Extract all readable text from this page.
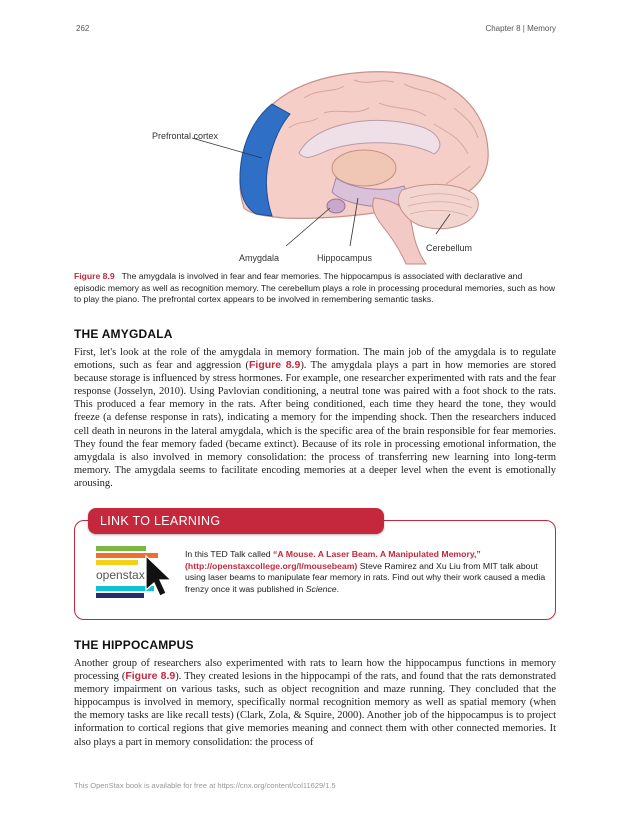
262	Chapter 8 | Memory
Prefrontal cortex
Amygdala	Hippocampus
Cerebellum
Figure 8.9 The amygdala is involved in fear and fear memories. The hippocampus is associated with declarative and episodic memory as well as recognition memory. The cerebellum plays a role in processing procedural memories, such as how to play the piano. The prefrontal cortex appears to be involved in remembering semantic tasks.
THE AMYGDALA
First, let's look at the role of the amygdala in memory formation. The main job of the amygdala is to regulate emotions, such as fear and aggression (Figure 8.9). The amygdala plays a part in how memories are stored because storage is influenced by stress hormones. For example, one researcher experimented with rats and the fear response (Josselyn, 2010). Using Pavlovian conditioning, a neutral tone was paired with a foot shock to the rats. This produced a fear memory in the rats. After being conditioned, each time they heard the tone, they would freeze (a defense response in rats), indicating a memory for the impending shock. Then the researchers induced cell death in neurons in the lateral amygdala, which is the specific area of the brain responsible for fear memories. They found the fear memory faded (became extinct). Because of its role in processing emotional information, the amygdala is also involved in memory consolidation: the process of transferring new learning into long-term memory. The amygdala seems to facilitate encoding memories at a deeper level when the event is emotionally arousing.
LINK TO LEARNING
openstax
In this TED Talk called “A Mouse. A Laser Beam. A Manipulated Memory,”
(http://openstaxcollege.org/l/mousebeam) Steve Ramirez and Xu Liu from MIT talk about using laser beams to manipulate fear memory in rats. Find out why their work caused a media frenzy once it was published in Science.
THE HIPPOCAMPUS
Another group of researchers also experimented with rats to learn how the hippocampus functions in memory processing (Figure 8.9). They created lesions in the hippocampi of the rats, and found that the rats demonstrated memory impairment on various tasks, such as object recognition and maze running. They concluded that the hippocampus is involved in memory, specifically normal recognition memory as well as spatial memory (when the memory tasks are like recall tests) (Clark, Zola, & Squire, 2000). Another job of the hippocampus is to project information to cortical regions that give memories meaning and connect them with other connected memories. It also plays a part in memory consolidation: the process of
This OpenStax book is available for free at https://cnx.org/content/col11629/1.5
